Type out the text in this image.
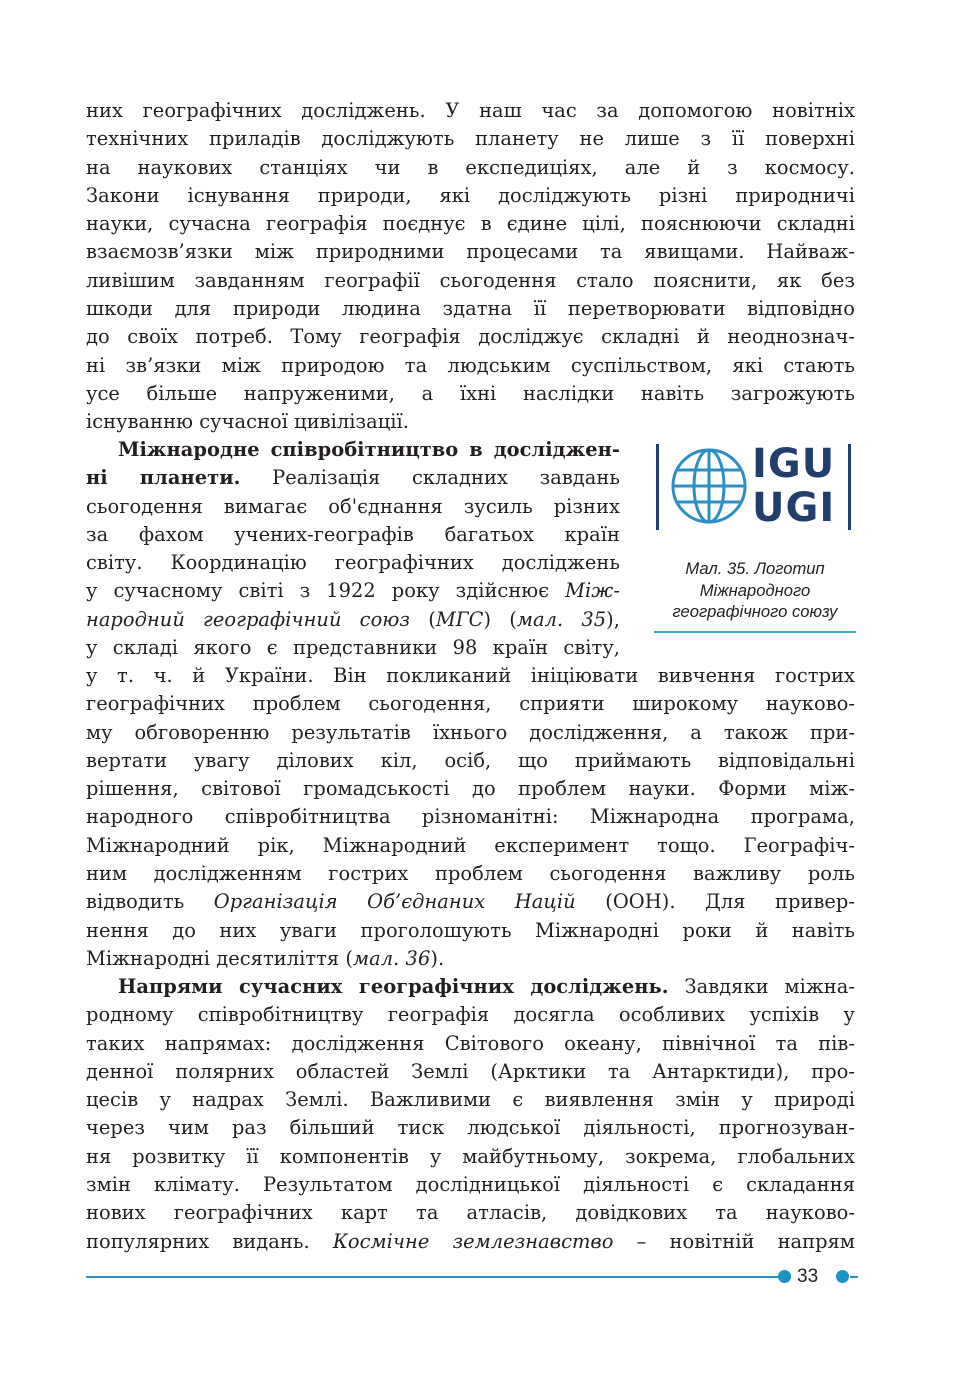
них географічних досліджень. У наш час за допомогою новітніх
технічних приладів досліджують планету не лише з її поверхні
на наукових станціях чи в експедиціях, але й з космосу.
Закони існування природи, які досліджують різні природничі
науки, сучасна географія поєднує в єдине цілі, пояснюючи складні
взаємозв’язки між природними процесами та явищами. Найваж-
ливішим завданням географії сьогодення стало пояснити, як без
шкоди для природи людина здатна її перетворювати відповідно
до своїх потреб. Тому географія досліджує складні й неоднознач-
ні зв’язки між природою та людським суспільством, які стають
усе більше напруженими, а їхні наслідки навіть загрожують
існуванню сучасної цивілізації.
Міжнародне співробітництво в досліджен-
ні планети. Реалізація складних завдань
сьогодення вимагає об'єднання зусиль різних
за фахом учених-географів багатьох країн
світу. Координацію географічних досліджень
у сучасному світі з 1922 року здійснює Між-
народний географічний союз (МГС) (мал. 35),
у складі якого є представники 98 країн світу,
IGU
UGI
Мал. 35. Логотип
Міжнародного
географічного союзу
у т. ч. й України. Він покликаний ініціювати вивчення гострих
географічних проблем сьогодення, сприяти широкому науково-
му обговоренню результатів їхнього дослідження, а також при-
вертати увагу ділових кіл, осіб, що приймають відповідальні
рішення, світової громадськості до проблем науки. Форми між-
народного співробітництва різноманітні: Міжнародна програма,
Міжнародний рік, Міжнародний експеримент тощо. Географіч-
ним дослідженням гострих проблем сьогодення важливу роль
відводить Організація Об’єднаних Націй (ООН). Для привер-
нення до них уваги проголошують Міжнародні роки й навіть
Міжнародні десятиліття (мал. 36).
Напрями сучасних географічних досліджень. Завдяки міжна-
родному співробітництву географія досягла особливих успіхів у
таких напрямах: дослідження Світового океану, північної та пів-
денної полярних областей Землі (Арктики та Антарктиди), про-
цесів у надрах Землі. Важливими є виявлення змін у природі
через чим раз більший тиск людської діяльності, прогнозуван-
ня розвитку її компонентів у майбутньому, зокрема, глобальних
змін клімату. Результатом дослідницької діяльності є складання
нових географічних карт та атласів, довідкових та науково-
популярних видань. Космічне землезнавство – новітній напрям
33
